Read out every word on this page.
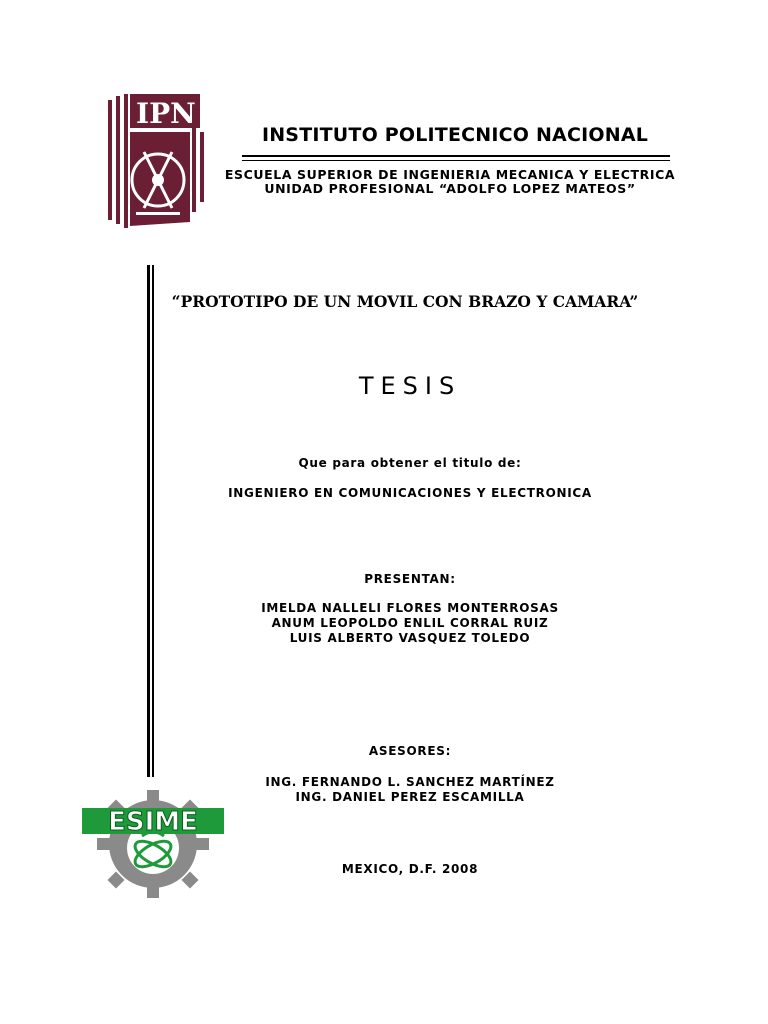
IPN
INSTITUTO POLITECNICO NACIONAL
ESCUELA SUPERIOR DE INGENIERIA MECANICA Y ELECTRICA
UNIDAD PROFESIONAL “ADOLFO LOPEZ MATEOS”
“PROTOTIPO DE UN MOVIL CON BRAZO Y CAMARA”
TESIS
Que para obtener el titulo de:
INGENIERO EN COMUNICACIONES Y ELECTRONICA
PRESENTAN:
IMELDA NALLELI FLORES MONTERROSAS
ANUM LEOPOLDO ENLIL CORRAL RUIZ
LUIS ALBERTO VASQUEZ TOLEDO
ASESORES:
ING. FERNANDO L. SANCHEZ MARTÍNEZ
ING. DANIEL PEREZ ESCAMILLA
MEXICO, D.F. 2008
ESIME
